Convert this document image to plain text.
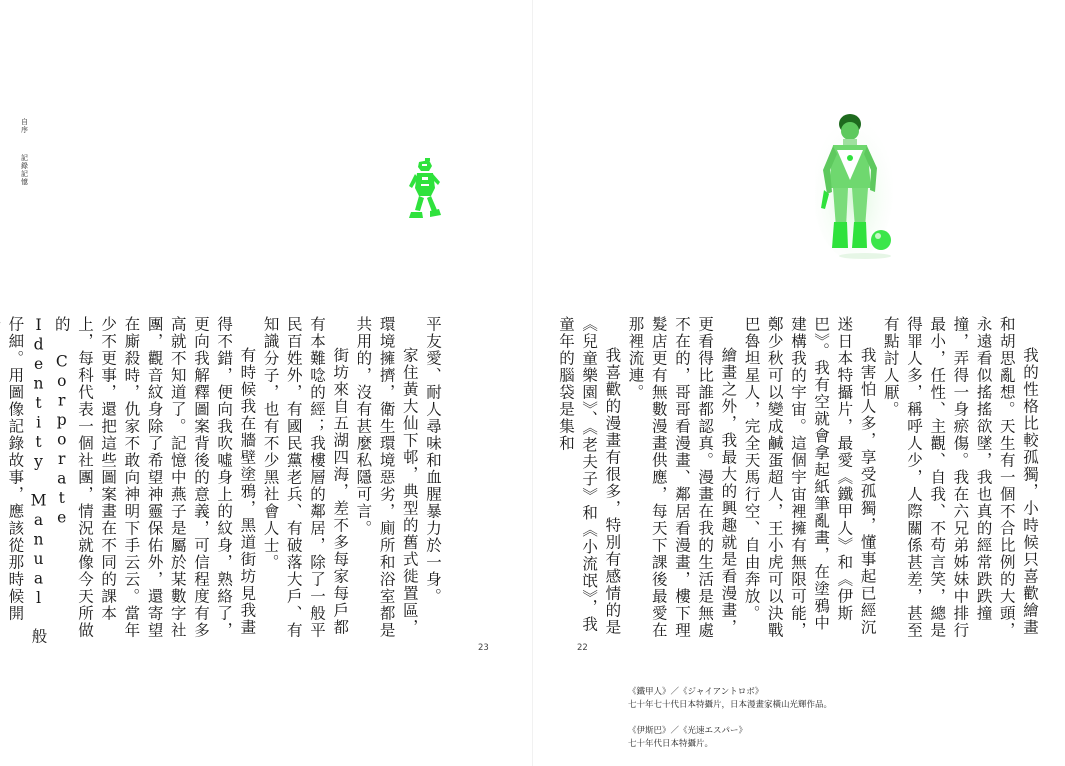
自序
記錄記憶

平友愛、耐人尋味和血腥暴力於一身。

家住黃大仙下邨，典型的舊式徙置區，環境擁擠，衛生環境惡劣，廁所和浴室都是共用的，沒有甚麼私隱可言。

街坊來自五湖四海，差不多每家每戶都有本難唸的經；我樓層的鄰居，除了一般平民百姓外，有國民黨老兵、有破落大戶、有知識分子，也有不少黑社會人士。

有時候我在牆壁塗鴉，黑道街坊見我畫得不錯，便向我吹噓身上的紋身，熟絡了，更向我解釋圖案背後的意義，可信程度有多高就不知道了。記憶中燕子是屬於某數字社團，觀音紋身除了希望神靈保佑外，還寄望在廝殺時，仇家不敢向神明下手云云。當年少不更事，還把這些圖案畫在不同的課本上，每科代表一個社團，情況就像今天所做的 Corporate Identity Manual 般仔細。用圖像記錄故事，應該從那時候開

23

我的性格比較孤獨，小時候只喜歡繪畫和胡思亂想。天生有一個不合比例的大頭，永遠看似搖搖欲墜，我也真的經常跌跌撞撞，弄得一身瘀傷。我在六兄弟姊妹中排行最小，任性、主觀、自我、不苟言笑，總是得罪人多，稱呼人少，人際關係甚差，甚至有點討人厭。

我害怕人多，享受孤獨，懂事起已經沉迷日本特攝片，最愛《鐵甲人》和《伊斯巴》。我有空就會拿起紙筆亂畫，在塗鴉中建構我的宇宙。這個宇宙裡擁有無限可能，鄭少秋可以變成鹹蛋超人，王小虎可以決戰巴魯坦星人，完全天馬行空、自由奔放。

繪畫之外，我最大的興趣就是看漫畫，更看得比誰都認真。漫畫在我的生活是無處不在的，哥哥看漫畫、鄰居看漫畫，樓下理髮店更有無數漫畫供應，每天下課後最愛在那裡流連。

我喜歡的漫畫有很多，特別有感情的是《兒童樂園》、《老夫子》和《小流氓》，我童年的腦袋是集和

22
《鐵甲人》／《ジャイアントロボ》
七十年七十代日本特攝片，日本漫畫家橫山光輝作品。
《伊斯巴》／《光速エスパー》
七十年代日本特攝片。
